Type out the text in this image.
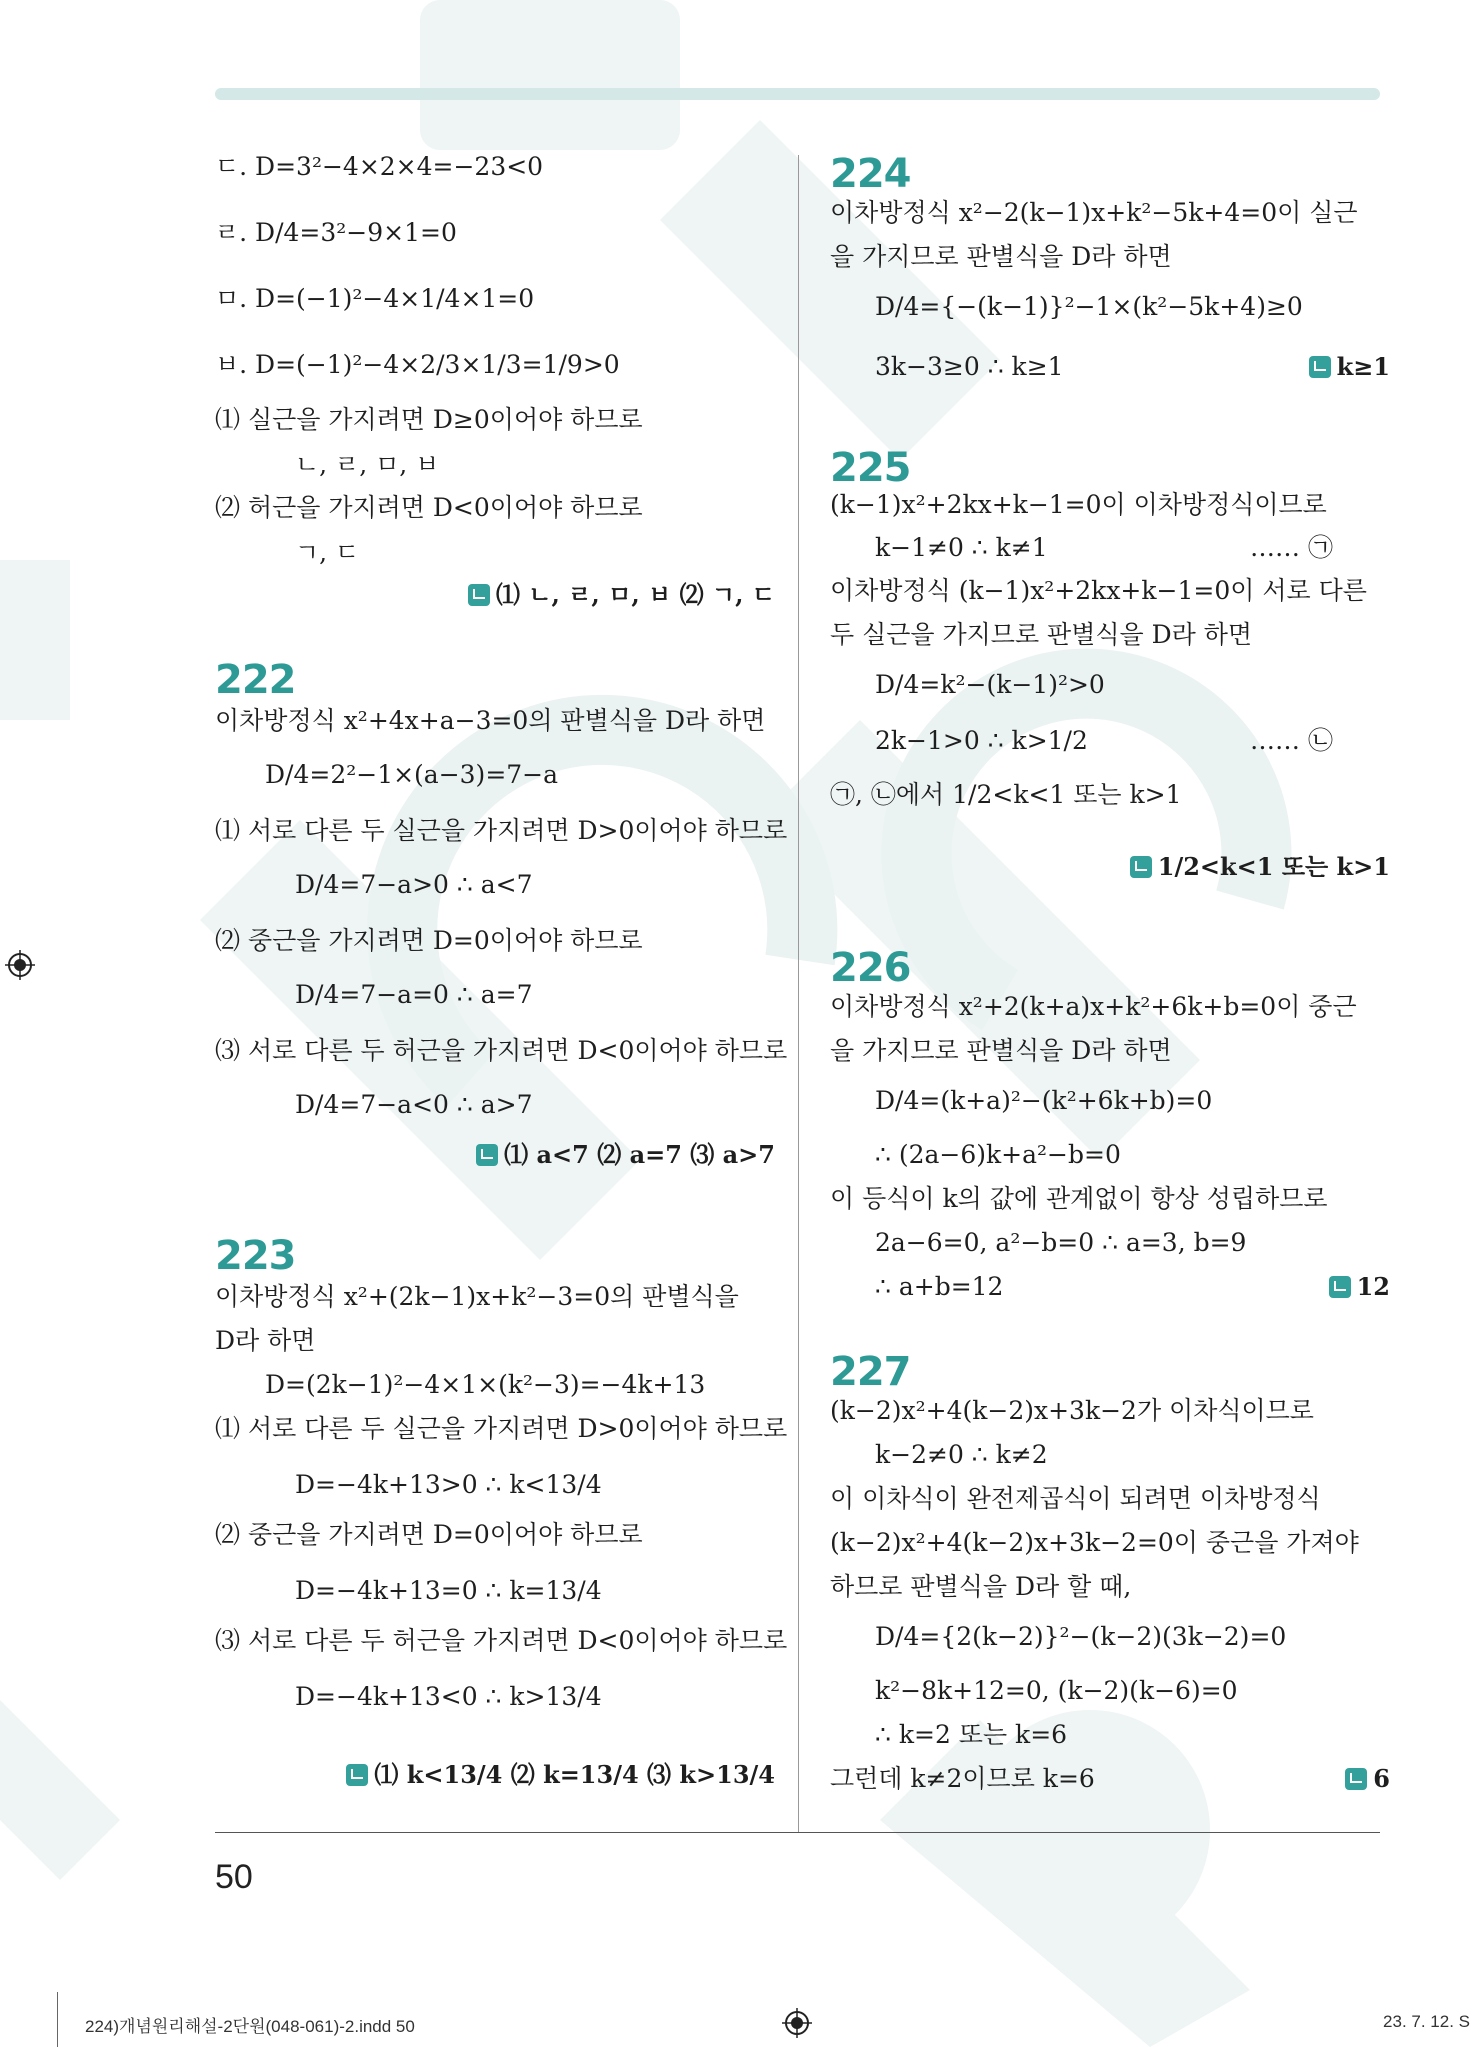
ㄷ. D=3²−4×2×4=−23<0
ㄹ. D/4=3²−9×1=0
ㅁ. D=(−1)²−4×1/4×1=0
ㅂ. D=(−1)²−4×2/3×1/3=1/9>0
⑴ 실근을 가지려면 D≥0이어야 하므로
ㄴ, ㄹ, ㅁ, ㅂ
⑵ 허근을 가지려면 D<0이어야 하므로
ㄱ, ㄷ
⑴ ㄴ, ㄹ, ㅁ, ㅂ ⑵ ㄱ, ㄷ
222
이차방정식 x²+4x+a−3=0의 판별식을 D라 하면
D/4=2²−1×(a−3)=7−a
⑴ 서로 다른 두 실근을 가지려면 D>0이어야 하므로
D/4=7−a>0 ∴ a<7
⑵ 중근을 가지려면 D=0이어야 하므로
D/4=7−a=0 ∴ a=7
⑶ 서로 다른 두 허근을 가지려면 D<0이어야 하므로
D/4=7−a<0 ∴ a>7
⑴ a<7 ⑵ a=7 ⑶ a>7
223
이차방정식 x²+(2k−1)x+k²−3=0의 판별식을
D라 하면
D=(2k−1)²−4×1×(k²−3)=−4k+13
⑴ 서로 다른 두 실근을 가지려면 D>0이어야 하므로
D=−4k+13>0 ∴ k<13/4
⑵ 중근을 가지려면 D=0이어야 하므로
D=−4k+13=0 ∴ k=13/4
⑶ 서로 다른 두 허근을 가지려면 D<0이어야 하므로
D=−4k+13<0 ∴ k>13/4
⑴ k<13/4 ⑵ k=13/4 ⑶ k>13/4
224
이차방정식 x²−2(k−1)x+k²−5k+4=0이 실근
을 가지므로 판별식을 D라 하면
D/4={−(k−1)}²−1×(k²−5k+4)≥0
3k−3≥0 ∴ k≥1	k≥1
225
(k−1)x²+2kx+k−1=0이 이차방정식이므로
k−1≠0 ∴ k≠1	…… ㉠
이차방정식 (k−1)x²+2kx+k−1=0이 서로 다른
두 실근을 가지므로 판별식을 D라 하면
D/4=k²−(k−1)²>0
2k−1>0 ∴ k>1/2	…… ㉡
㉠, ㉡에서 1/2<k<1 또는 k>1
1/2<k<1 또는 k>1
226
이차방정식 x²+2(k+a)x+k²+6k+b=0이 중근
을 가지므로 판별식을 D라 하면
D/4=(k+a)²−(k²+6k+b)=0
∴ (2a−6)k+a²−b=0
이 등식이 k의 값에 관계없이 항상 성립하므로
2a−6=0, a²−b=0 ∴ a=3, b=9
∴ a+b=12	12
227
(k−2)x²+4(k−2)x+3k−2가 이차식이므로
k−2≠0 ∴ k≠2
이 이차식이 완전제곱식이 되려면 이차방정식
(k−2)x²+4(k−2)x+3k−2=0이 중근을 가져야
하므로 판별식을 D라 할 때,
D/4={2(k−2)}²−(k−2)(3k−2)=0
k²−8k+12=0, (k−2)(k−6)=0
∴ k=2 또는 k=6
그런데 k≠2이므로 k=6	6
50
224)개념원리해설-2단원(048-061)-2.indd 50	23. 7. 12. S
